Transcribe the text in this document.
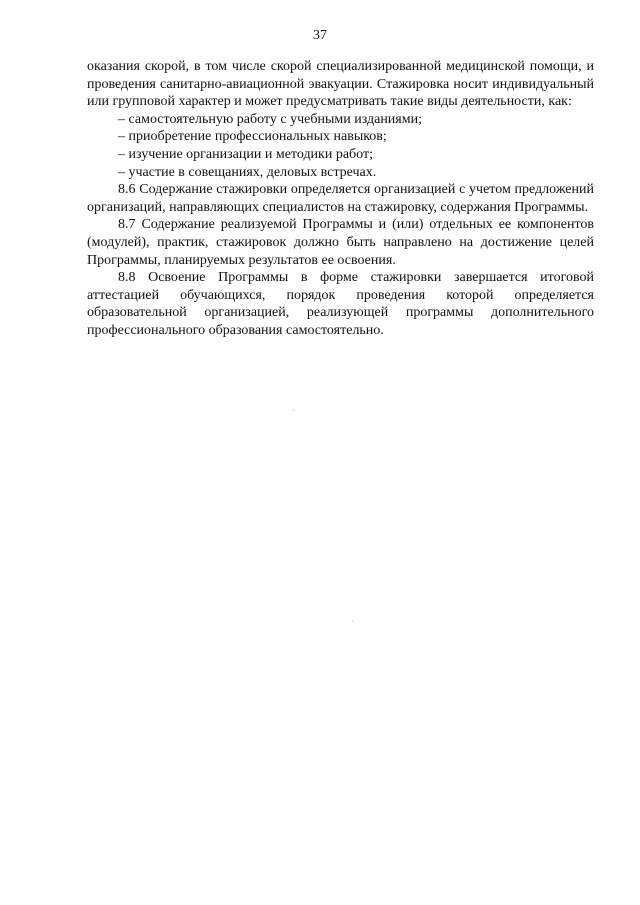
37

оказания скорой, в том числе скорой специализированной медицинской помощи, и проведения санитарно-авиационной эвакуации. Стажировка носит индивидуальный или групповой характер и может предусматривать такие виды деятельности, как:

– самостоятельную работу с учебными изданиями;
– приобретение профессиональных навыков;
– изучение организации и методики работ;
– участие в совещаниях, деловых встречах.

8.6 Содержание стажировки определяется организацией с учетом предложений организаций, направляющих специалистов на стажировку, содержания Программы.

8.7 Содержание реализуемой Программы и (или) отдельных ее компонентов (модулей), практик, стажировок должно быть направлено на достижение целей Программы, планируемых результатов ее освоения.

8.8 Освоение Программы в форме стажировки завершается итоговой аттестацией обучающихся, порядок проведения которой определяется образовательной организацией, реализующей программы дополнительного профессионального образования самостоятельно.
